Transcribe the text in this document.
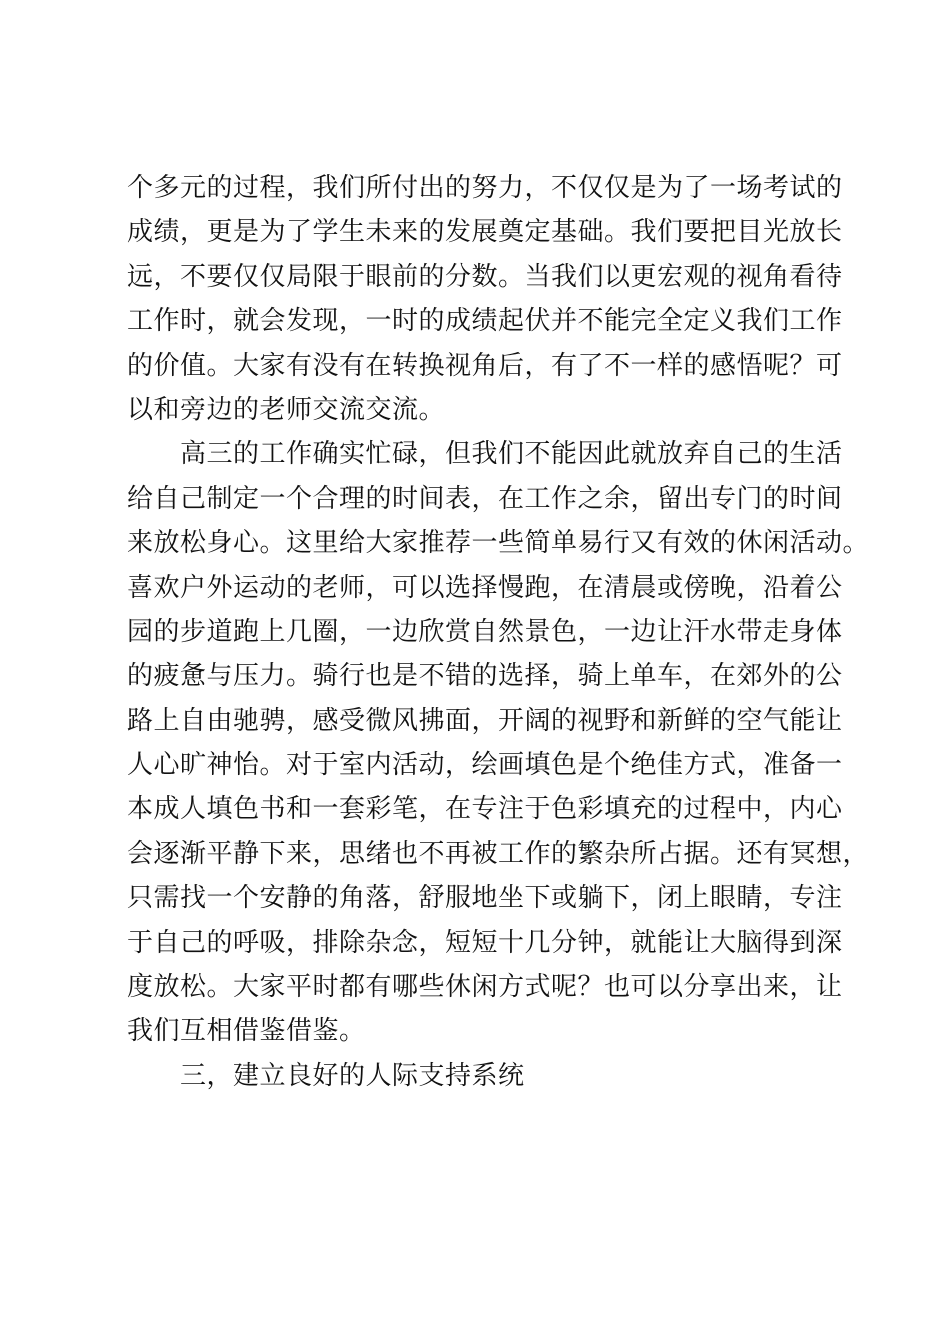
个多元的过程，我们所付出的努力，不仅仅是为了一场考试的
成绩，更是为了学生未来的发展奠定基础。我们要把目光放长
远，不要仅仅局限于眼前的分数。当我们以更宏观的视角看待
工作时，就会发现，一时的成绩起伏并不能完全定义我们工作
的价值。大家有没有在转换视角后，有了不一样的感悟呢？可
以和旁边的老师交流交流。
　　高三的工作确实忙碌，但我们不能因此就放弃自己的生活
给自己制定一个合理的时间表，在工作之余，留出专门的时间
来放松身心。这里给大家推荐一些简单易行又有效的休闲活动。
喜欢户外运动的老师，可以选择慢跑，在清晨或傍晚，沿着公
园的步道跑上几圈，一边欣赏自然景色，一边让汗水带走身体
的疲惫与压力。骑行也是不错的选择，骑上单车，在郊外的公
路上自由驰骋，感受微风拂面，开阔的视野和新鲜的空气能让
人心旷神怡。对于室内活动，绘画填色是个绝佳方式，准备一
本成人填色书和一套彩笔，在专注于色彩填充的过程中，内心
会逐渐平静下来，思绪也不再被工作的繁杂所占据。还有冥想，
只需找一个安静的角落，舒服地坐下或躺下，闭上眼睛，专注
于自己的呼吸，排除杂念，短短十几分钟，就能让大脑得到深
度放松。大家平时都有哪些休闲方式呢？也可以分享出来，让
我们互相借鉴借鉴。
　　三，建立良好的人际支持系统
